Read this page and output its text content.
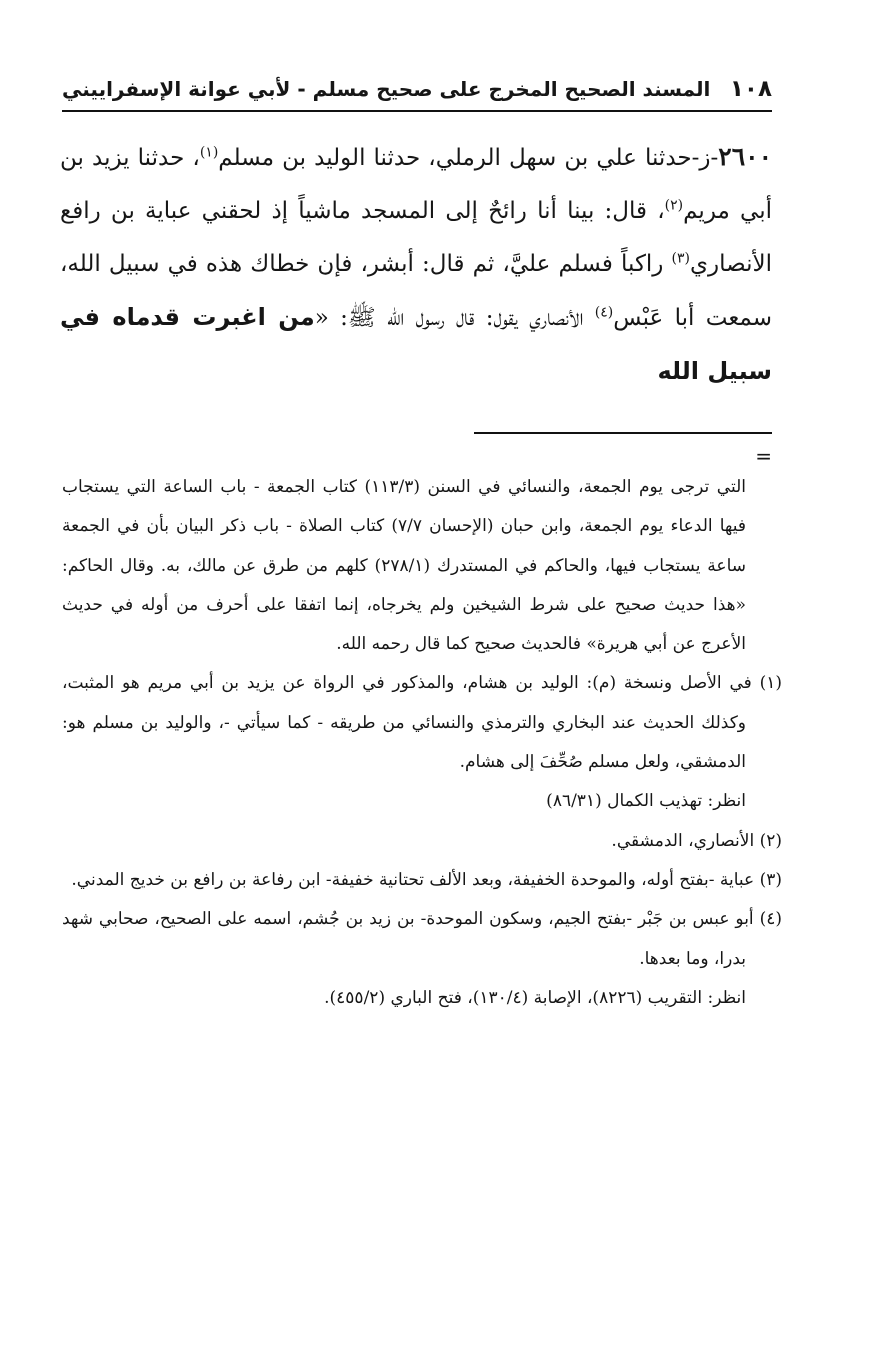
١٠٨
المسند الصحيح المخرج على صحيح مسلم - لأبي عوانة الإسفراييني
٢٦٠٠-ز-حدثنا علي بن سهل الرملي، حدثنا الوليد بن مسلم$^{(١)}$، حدثنا يزيد بن أبي مريم$^{(٢)}$، قال: بينا أنا رائحٌ إلى المسجد ماشياً إذ لحقني عباية بن رافع الأنصاري$^{(٣)}$ راكباً فسلم عليَّ، ثم قال: أبشر، فإن خطاك هذه في سبيل الله، سمعت أبا عَبْس$^{(٤)}$ الأنصاري يقول: قال رسول الله ﷺ: «من اغبرت قدماه في سبيل الله
=

التي ترجى يوم الجمعة، والنسائي في السنن (١١٣/٣) كتاب الجمعة - باب الساعة التي يستجاب فيها الدعاء يوم الجمعة، وابن حبان (الإحسان ٧/٧) كتاب الصلاة - باب ذكر البيان بأن في الجمعة ساعة يستجاب فيها، والحاكم في المستدرك (٢٧٨/١) كلهم من طرق عن مالك، به. وقال الحاكم: «هذا حديث صحيح على شرط الشيخين ولم يخرجاه، إنما اتفقا على أحرف من أوله في حديث الأعرج عن أبي هريرة» فالحديث صحيح كما قال رحمه الله.

(١) في الأصل ونسخة (م): الوليد بن هشام، والمذكور في الرواة عن يزيد بن أبي مريم هو المثبت، وكذلك الحديث عند البخاري والترمذي والنسائي من طريقه - كما سيأتي -، والوليد بن مسلم هو: الدمشقي، ولعل مسلم صُحِّفَ إلى هشام.

انظر: تهذيب الكمال (٨٦/٣١)

(٢) الأنصاري، الدمشقي.

(٣) عباية -بفتح أوله، والموحدة الخفيفة، وبعد الألف تحتانية خفيفة- ابن رفاعة بن رافع بن خديج المدني.

(٤) أبو عبس بن جَبْر -بفتح الجيم، وسكون الموحدة- بن زيد بن جُشم، اسمه على الصحيح، صحابي شهد بدرا، وما بعدها.

انظر: التقريب (٨٢٢٦)، الإصابة (١٣٠/٤)، فتح الباري (٤٥٥/٢).
